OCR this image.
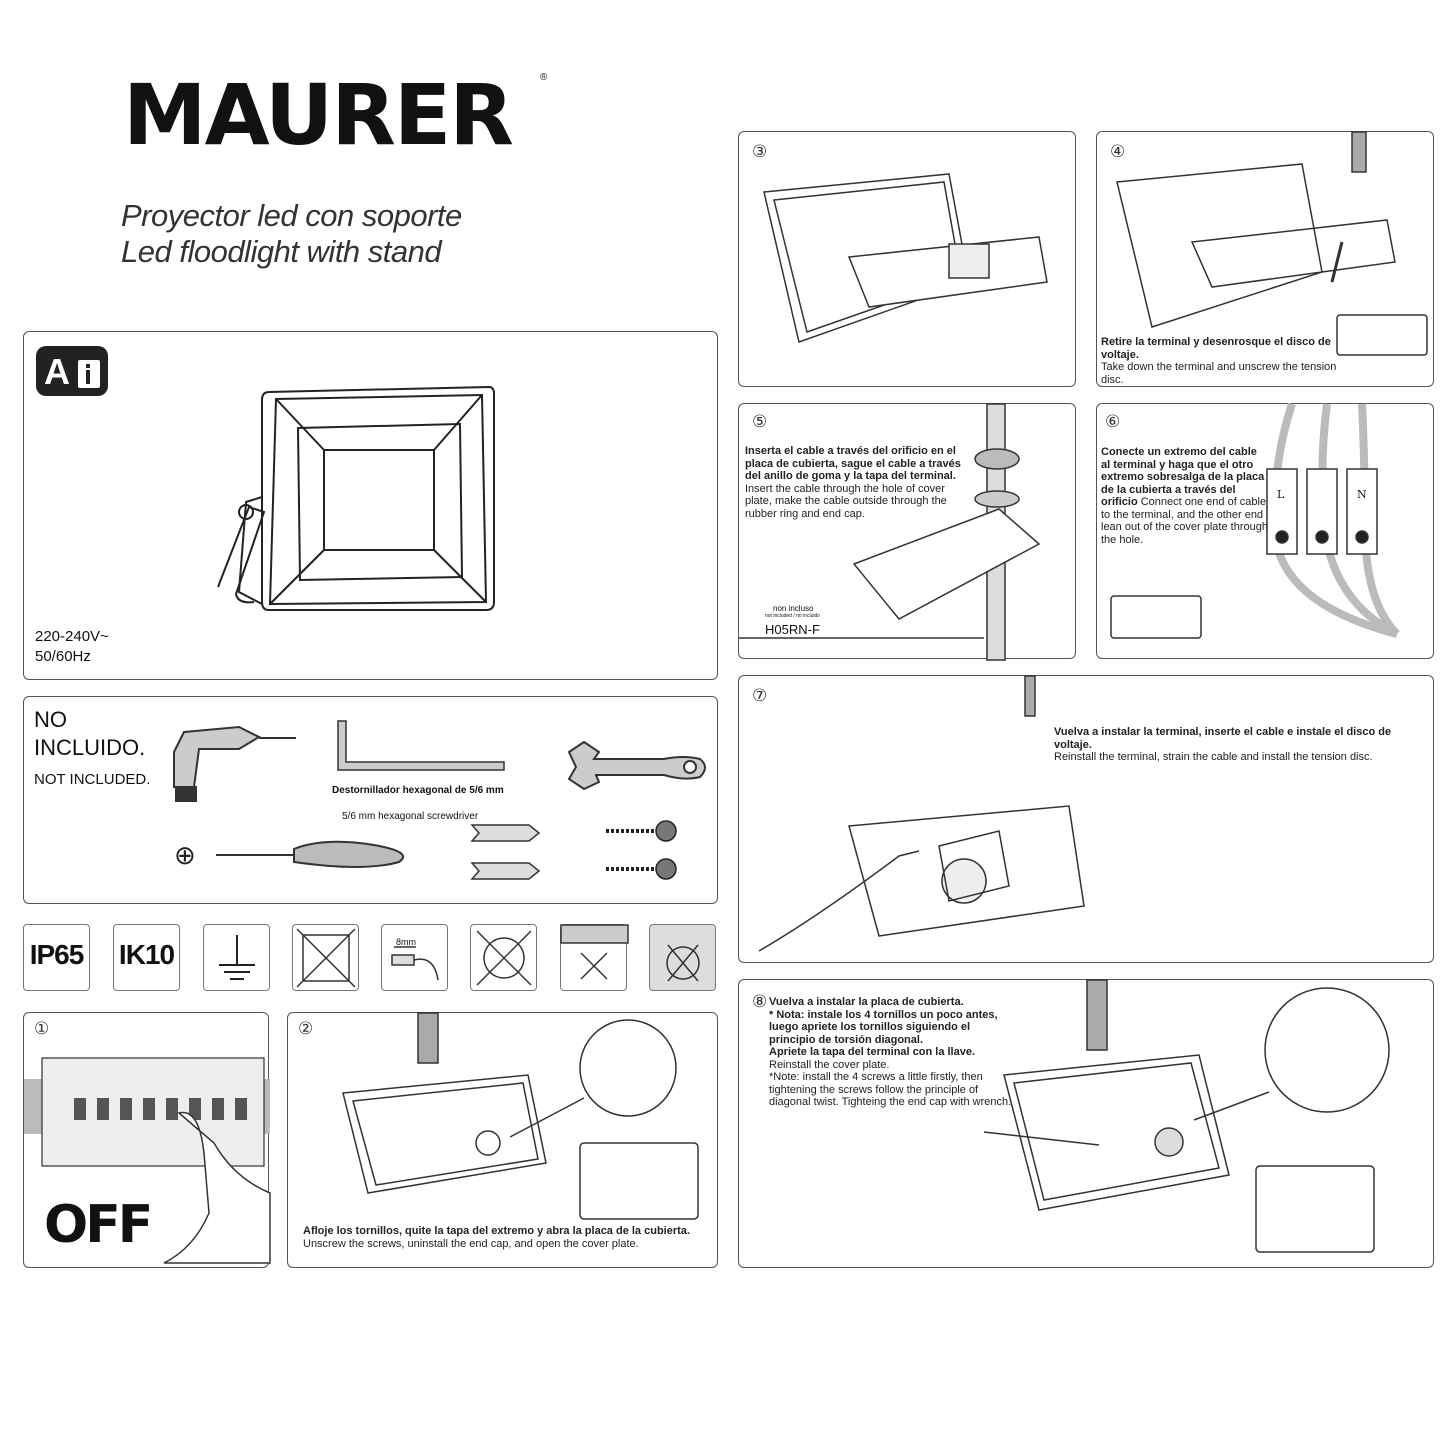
MAURER	®
Proyector led con soporte
Led floodlight with stand
A
220-240V~
50/60Hz
NO
INCLUIDO.
NOT INCLUDED.
⊕
Destornillador hexagonal de 5/6 mm
5/6 mm hexagonal screwdriver
IP65 IK10	8mm
①
OFF
②
Afloje los tornillos, quite la tapa del extremo y abra la placa de la cubierta.
Unscrew the screws, uninstall the end cap, and open the cover plate.
③	④
Retire la terminal y desenrosque el disco de voltaje.
Take down the terminal and unscrew the tension disc.
⑤
Inserta el cable a través del orificio en el placa de cubierta, sague el cable a través del anillo de goma y la tapa del terminal. Insert the cable through the hole of cover plate, make the cable outside through the rubber ring and end cap.
non incluso
not included / no incluido
H05RN-F
⑥
L	N
Conecte un extremo del cable al terminal y haga que el otro extremo sobresalga de la placa de la cubierta a través del orificio Connect one end of cable to the terminal, and the other end lean out of the cover plate through the hole.
⑦
Vuelva a instalar la terminal, inserte el cable e instale el disco de voltaje.
Reinstall the terminal, strain the cable and install the tension disc.
⑧ Vuelva a instalar la placa de cubierta.
* Nota: instale los 4 tornillos un poco antes, luego apriete los tornillos siguiendo el principio de torsión diagonal.
Apriete la tapa del terminal con la llave.
Reinstall the cover plate.
*Note: install the 4 screws a little firstly, then tightening the screws follow the principle of diagonal twist. Tighteing the end cap with wrench.
